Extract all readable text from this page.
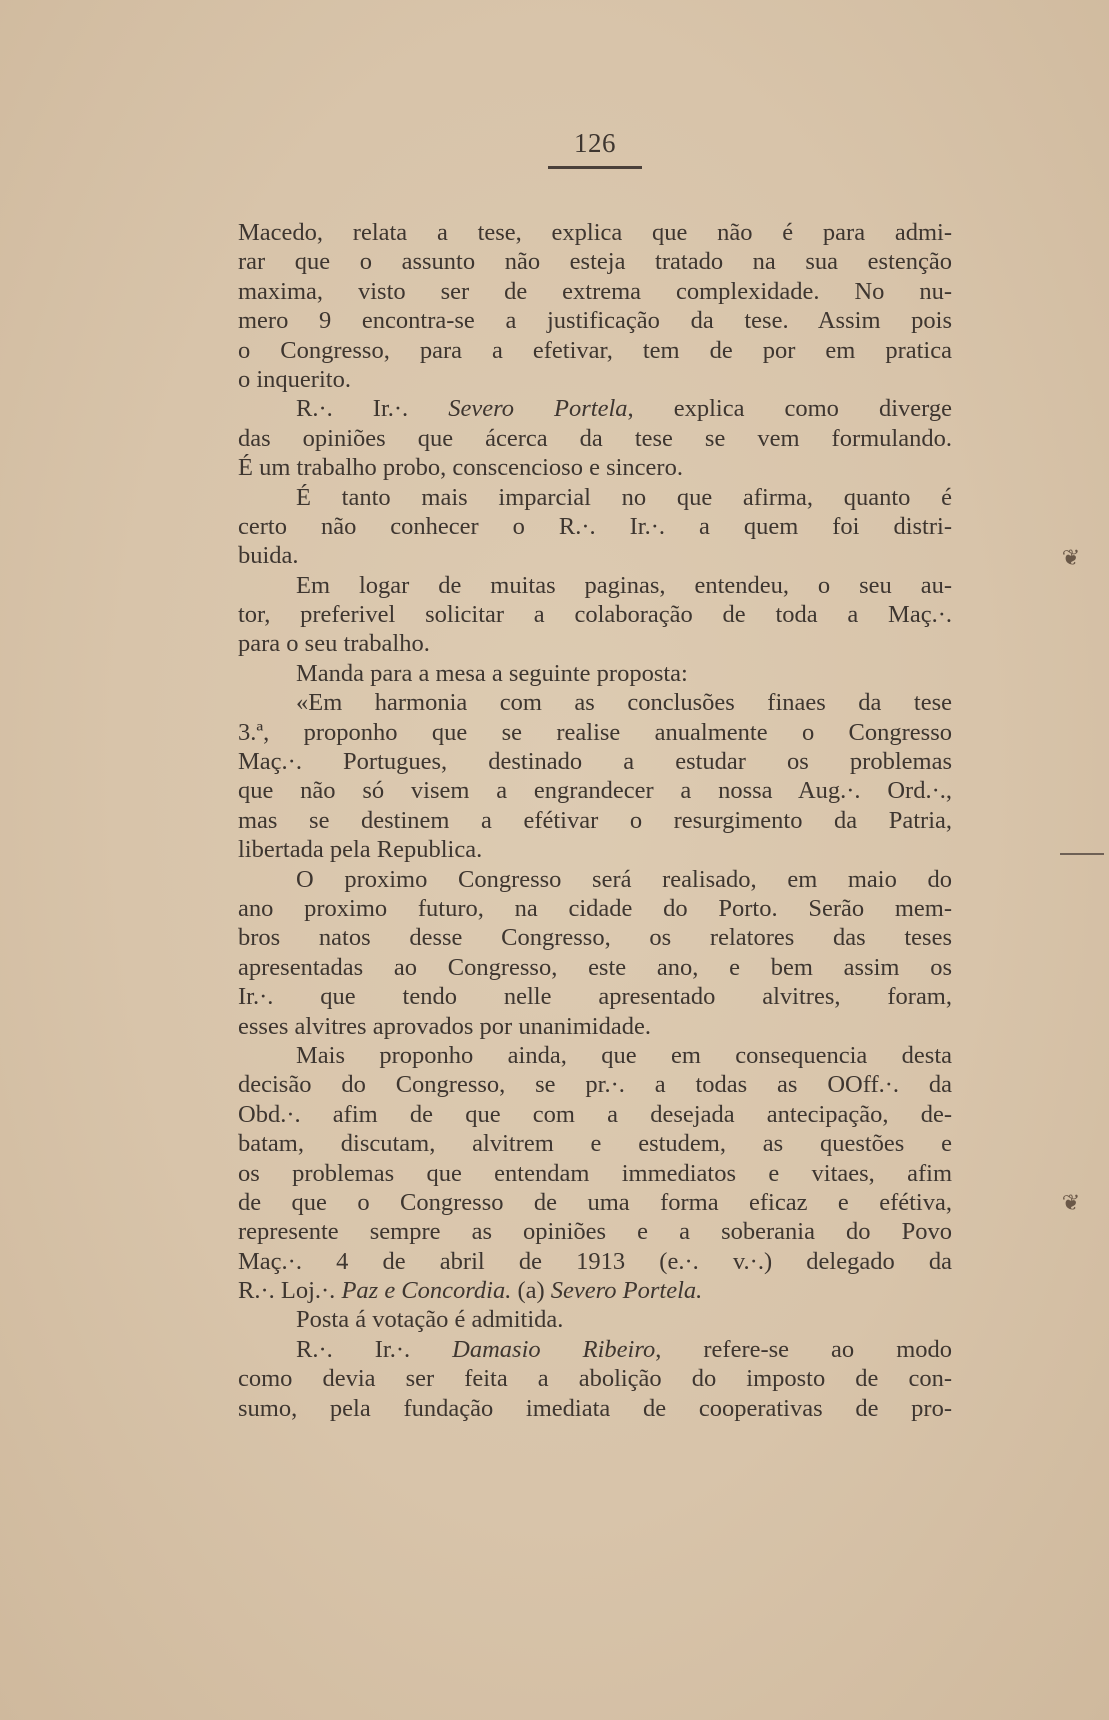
126
Macedo, relata a tese, explica que não é para admi-
rar que o assunto não esteja tratado na sua estenção
maxima, visto ser de extrema complexidade. No nu-
mero 9 encontra-se a justificação da tese. Assim pois
o Congresso, para a efetivar, tem de por em pratica
o inquerito.
R.·. Ir.·. Severo Portela, explica como diverge
das opiniões que ácerca da tese se vem formulando.
É um trabalho probo, conscencioso e sincero.
É tanto mais imparcial no que afirma, quanto é
certo não conhecer o R.·. Ir.·. a quem foi distri-
buida.
Em logar de muitas paginas, entendeu, o seu au-
tor, preferivel solicitar a colaboração de toda a Maç.·.
para o seu trabalho.
Manda para a mesa a seguinte proposta:
«Em harmonia com as conclusões finaes da tese
3.ª, proponho que se realise anualmente o Congresso
Maç.·. Portugues, destinado a estudar os problemas
que não só visem a engrandecer a nossa Aug.·. Ord.·.,
mas se destinem a efétivar o resurgimento da Patria,
libertada pela Republica.
O proximo Congresso será realisado, em maio do
ano proximo futuro, na cidade do Porto. Serão mem-
bros natos desse Congresso, os relatores das teses
apresentadas ao Congresso, este ano, e bem assim os
Ir.·. que tendo nelle apresentado alvitres, foram,
esses alvitres aprovados por unanimidade.
Mais proponho ainda, que em consequencia desta
decisão do Congresso, se pr.·. a todas as OOff.·. da
Obd.·. afim de que com a desejada antecipação, de-
batam, discutam, alvitrem e estudem, as questões e
os problemas que entendam immediatos e vitaes, afim
de que o Congresso de uma forma eficaz e efétiva,
represente sempre as opiniões e a soberania do Povo
Maç.·. 4 de abril de 1913 (e.·. v.·.) delegado da
R.·. Loj.·. Paz e Concordia. (a) Severo Portela.
Posta á votação é admitida.
R.·. Ir.·. Damasio Ribeiro, refere-se ao modo
como devia ser feita a abolição do imposto de con-
sumo, pela fundação imediata de cooperativas de pro-
❦
❦
